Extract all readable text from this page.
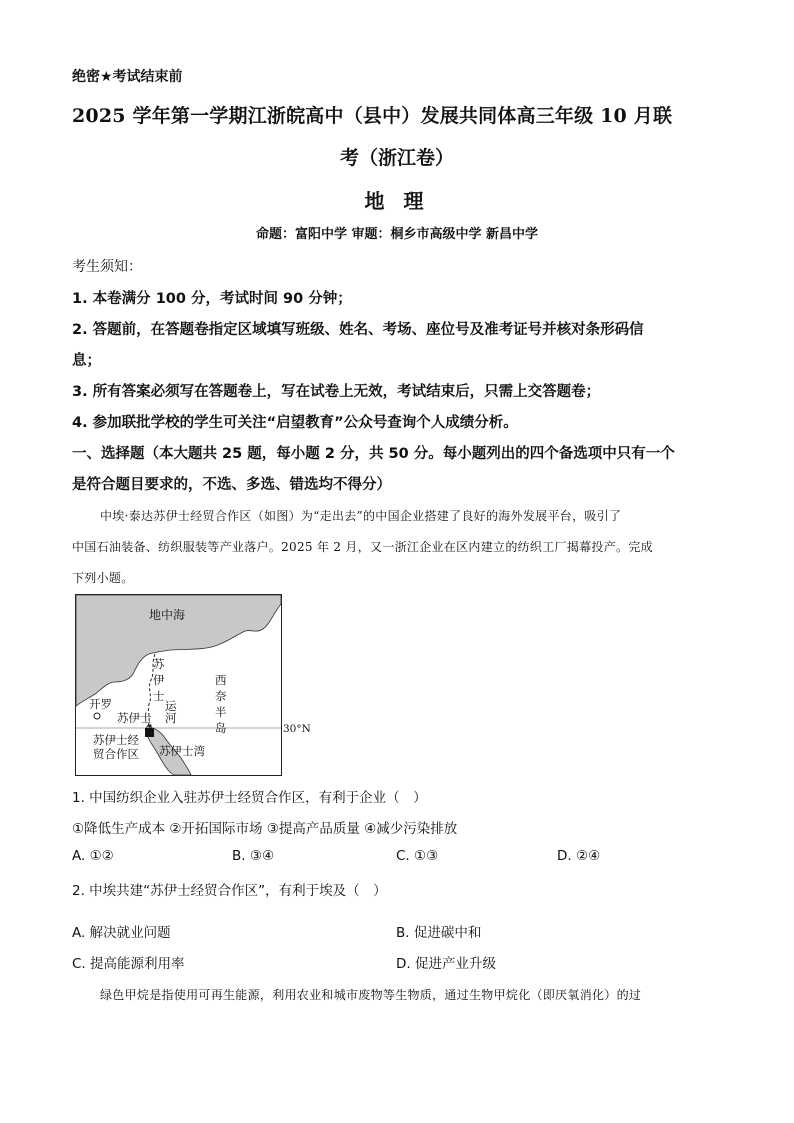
绝密★考试结束前
2025 学年第一学期江浙皖高中（县中）发展共同体高三年级 10 月联
考（浙江卷）
地 理
命题：富阳中学 审题：桐乡市高级中学 新昌中学
考生须知：
1. 本卷满分 100 分，考试时间 90 分钟；
2. 答题前，在答题卷指定区域填写班级、姓名、考场、座位号及准考证号并核对条形码信
息；
3. 所有答案必须写在答题卷上，写在试卷上无效，考试结束后，只需上交答题卷；
4. 参加联批学校的学生可关注“启望教育”公众号查询个人成绩分析。
一、选择题（本大题共 25 题，每小题 2 分，共 50 分。每小题列出的四个备选项中只有一个
是符合题目要求的，不选、多选、错选均不得分）
中埃·泰达苏伊士经贸合作区（如图）为“走出去”的中国企业搭建了良好的海外发展平台，吸引了
中国石油装备、纺织服装等产业落户。2025 年 2 月，又一浙江企业在区内建立的纺织工厂揭幕投产。完成
下列小题。
地中海
苏
伊
士
运
河
西
奈
半
岛
开罗
苏伊士
苏伊士经
贸合作区 苏伊士湾
30°N
1. 中国纺织企业入驻苏伊士经贸合作区，有利于企业（　）
①降低生产成本 ②开拓国际市场 ③提高产品质量 ④减少污染排放
A. ①②	B. ③④	C. ①③	D. ②④
2. 中埃共建“苏伊士经贸合作区”，有利于埃及（　）
A. 解决就业问题	B. 促进碳中和
C. 提高能源利用率	D. 促进产业升级
绿色甲烷是指使用可再生能源，利用农业和城市废物等生物质，通过生物甲烷化（即厌氧消化）的过
